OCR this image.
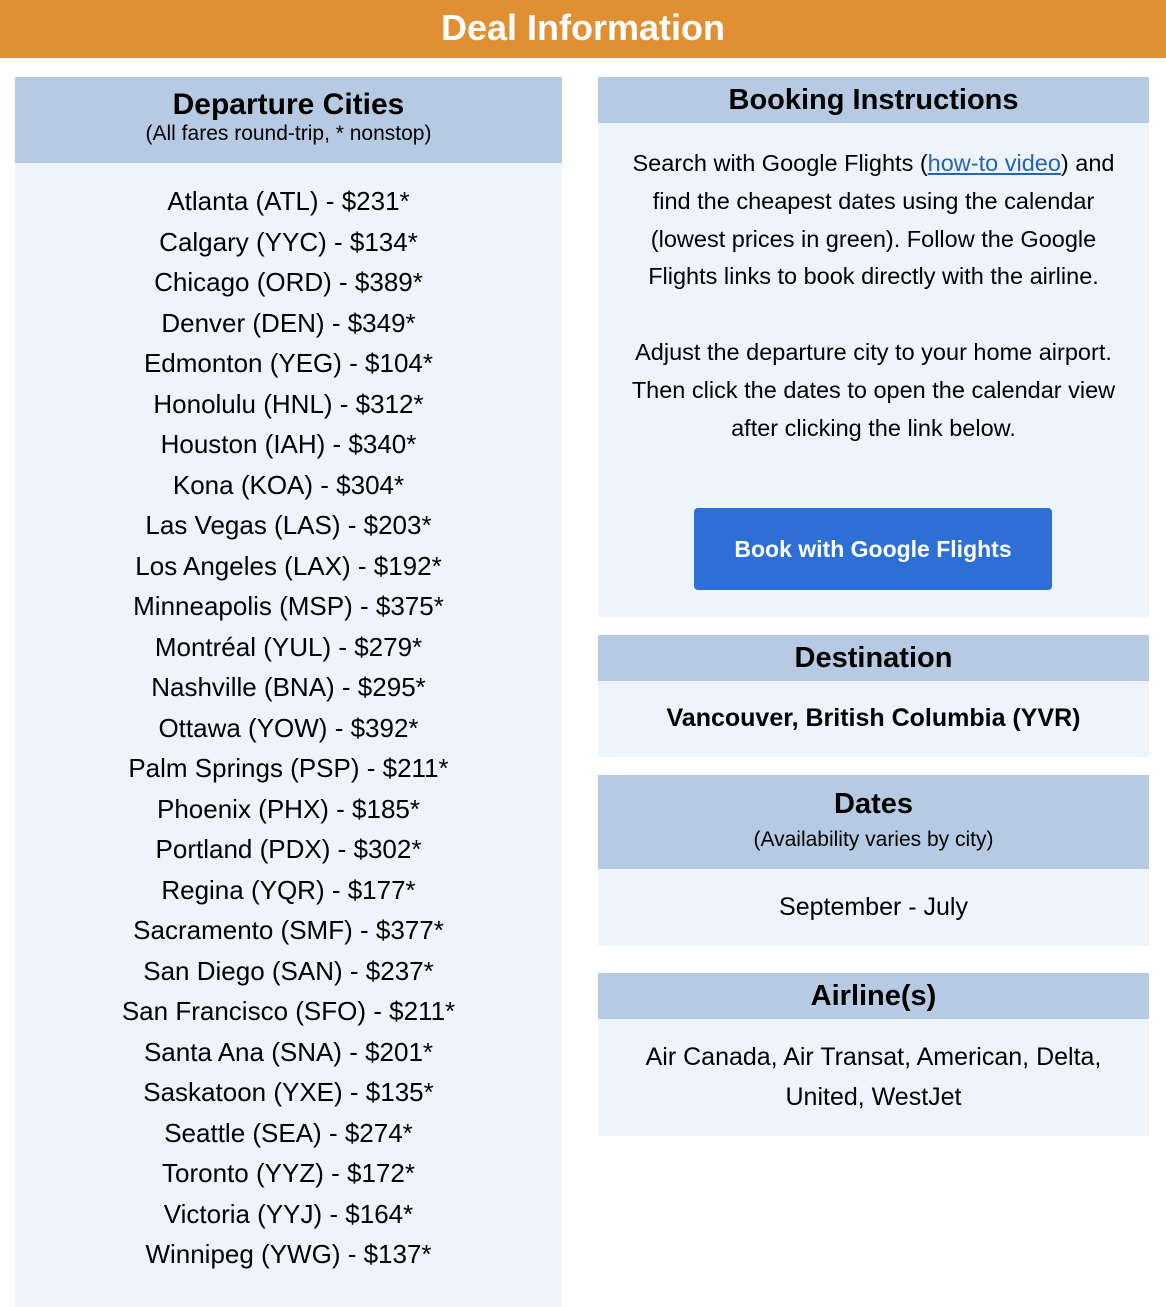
Deal Information
Departure Cities
(All fares round-trip, * nonstop)
Atlanta (ATL) - $231*
Calgary (YYC) - $134*
Chicago (ORD) - $389*
Denver (DEN) - $349*
Edmonton (YEG) - $104*
Honolulu (HNL) - $312*
Houston (IAH) - $340*
Kona (KOA) - $304*
Las Vegas (LAS) - $203*
Los Angeles (LAX) - $192*
Minneapolis (MSP) - $375*
Montréal (YUL) - $279*
Nashville (BNA) - $295*
Ottawa (YOW) - $392*
Palm Springs (PSP) - $211*
Phoenix (PHX) - $185*
Portland (PDX) - $302*
Regina (YQR) - $177*
Sacramento (SMF) - $377*
San Diego (SAN) - $237*
San Francisco (SFO) - $211*
Santa Ana (SNA) - $201*
Saskatoon (YXE) - $135*
Seattle (SEA) - $274*
Toronto (YYZ) - $172*
Victoria (YYJ) - $164*
Winnipeg (YWG) - $137*
Booking Instructions

Search with Google Flights (how-to video) and find the cheapest dates using the calendar (lowest prices in green). Follow the Google Flights links to book directly with the airline.

Adjust the departure city to your home airport. Then click the dates to open the calendar view after clicking the link below.

Book with Google Flights
Destination
Vancouver, British Columbia (YVR)
Dates
(Availability varies by city)
September - July
Airline(s)
Air Canada, Air Transat, American, Delta, United, WestJet
